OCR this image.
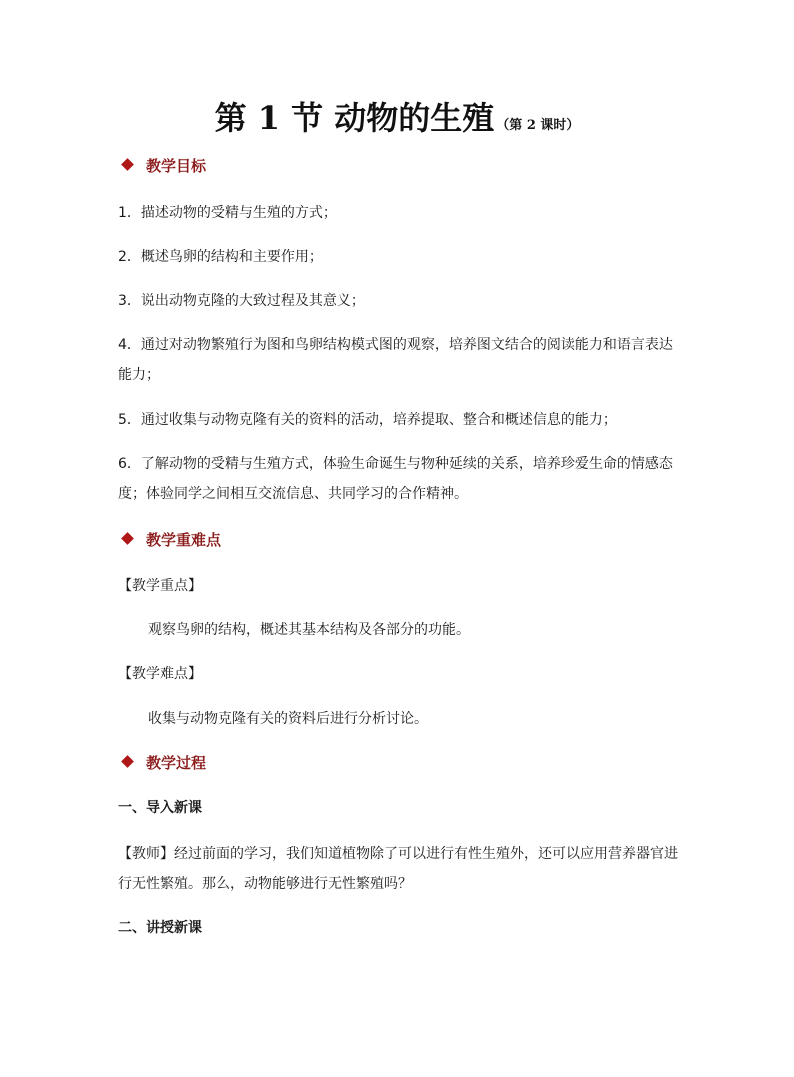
第 1 节 动物的生殖 （第 2 课时）
教学目标
1．描述动物的受精与生殖的方式；
2．概述鸟卵的结构和主要作用；
3．说出动物克隆的大致过程及其意义；
4．通过对动物繁殖行为图和鸟卵结构模式图的观察，培养图文结合的阅读能力和语言表达
能力；
5．通过收集与动物克隆有关的资料的活动，培养提取、整合和概述信息的能力；
6．了解动物的受精与生殖方式，体验生命诞生与物种延续的关系，培养珍爱生命的情感态
度；体验同学之间相互交流信息、共同学习的合作精神。
教学重难点
【教学重点】
观察鸟卵的结构，概述其基本结构及各部分的功能。
【教学难点】
收集与动物克隆有关的资料后进行分析讨论。
教学过程
一、导入新课
【教师】经过前面的学习，我们知道植物除了可以进行有性生殖外，还可以应用营养器官进
行无性繁殖。那么，动物能够进行无性繁殖吗？
二、讲授新课
